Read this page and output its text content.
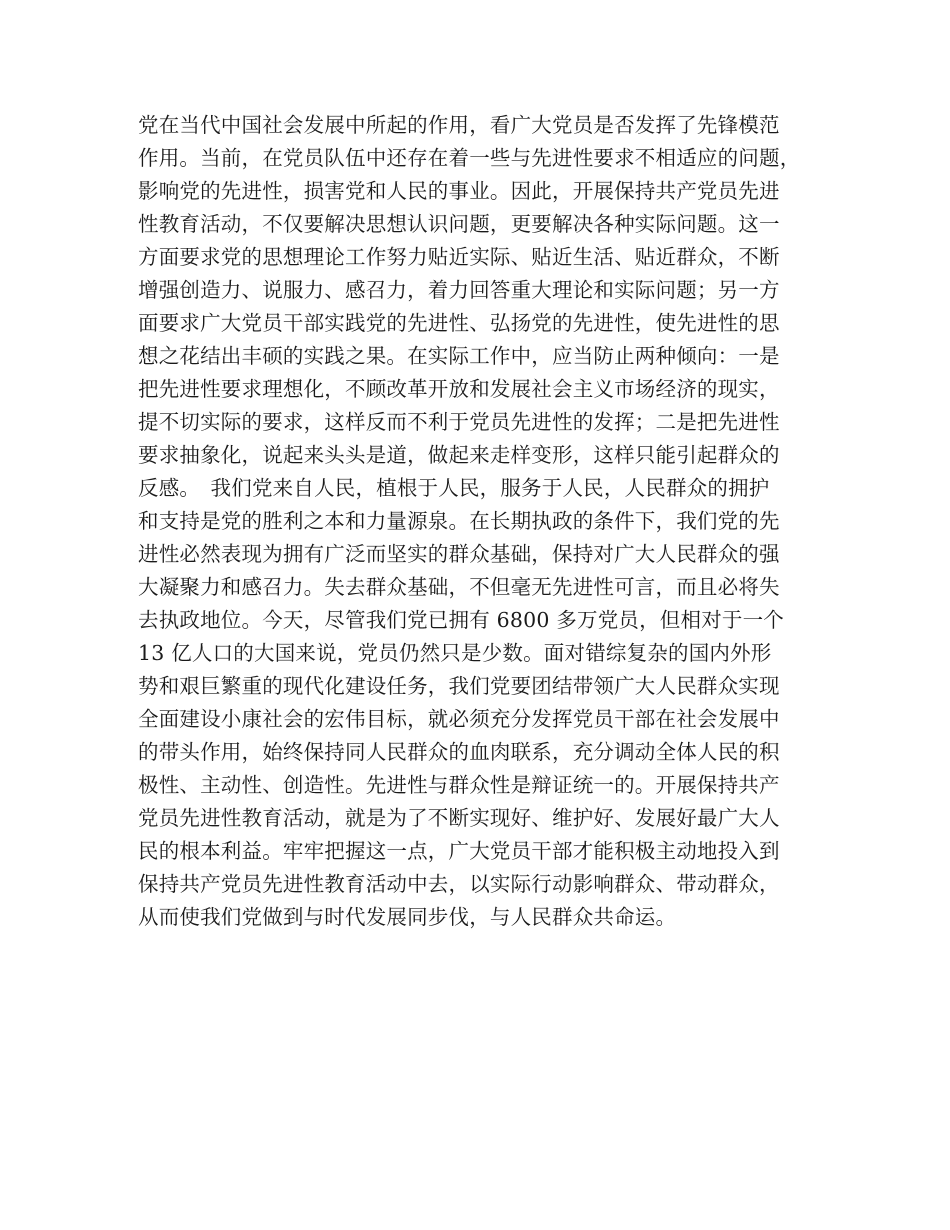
党在当代中国社会发展中所起的作用，看广大党员是否发挥了先锋模范
作用。当前，在党员队伍中还存在着一些与先进性要求不相适应的问题，
影响党的先进性，损害党和人民的事业。因此，开展保持共产党员先进
性教育活动，不仅要解决思想认识问题，更要解决各种实际问题。这一
方面要求党的思想理论工作努力贴近实际、贴近生活、贴近群众，不断
增强创造力、说服力、感召力，着力回答重大理论和实际问题；另一方
面要求广大党员干部实践党的先进性、弘扬党的先进性，使先进性的思
想之花结出丰硕的实践之果。在实际工作中，应当防止两种倾向：一是
把先进性要求理想化，不顾改革开放和发展社会主义市场经济的现实，
提不切实际的要求，这样反而不利于党员先进性的发挥；二是把先进性
要求抽象化，说起来头头是道，做起来走样变形，这样只能引起群众的
反感。　我们党来自人民，植根于人民，服务于人民，人民群众的拥护
和支持是党的胜利之本和力量源泉。在长期执政的条件下，我们党的先
进性必然表现为拥有广泛而坚实的群众基础，保持对广大人民群众的强
大凝聚力和感召力。失去群众基础，不但毫无先进性可言，而且必将失
去执政地位。今天，尽管我们党已拥有 6800 多万党员，但相对于一个
13 亿人口的大国来说，党员仍然只是少数。面对错综复杂的国内外形
势和艰巨繁重的现代化建设任务，我们党要团结带领广大人民群众实现
全面建设小康社会的宏伟目标，就必须充分发挥党员干部在社会发展中
的带头作用，始终保持同人民群众的血肉联系，充分调动全体人民的积
极性、主动性、创造性。先进性与群众性是辩证统一的。开展保持共产
党员先进性教育活动，就是为了不断实现好、维护好、发展好最广大人
民的根本利益。牢牢把握这一点，广大党员干部才能积极主动地投入到
保持共产党员先进性教育活动中去，以实际行动影响群众、带动群众，
从而使我们党做到与时代发展同步伐，与人民群众共命运。
